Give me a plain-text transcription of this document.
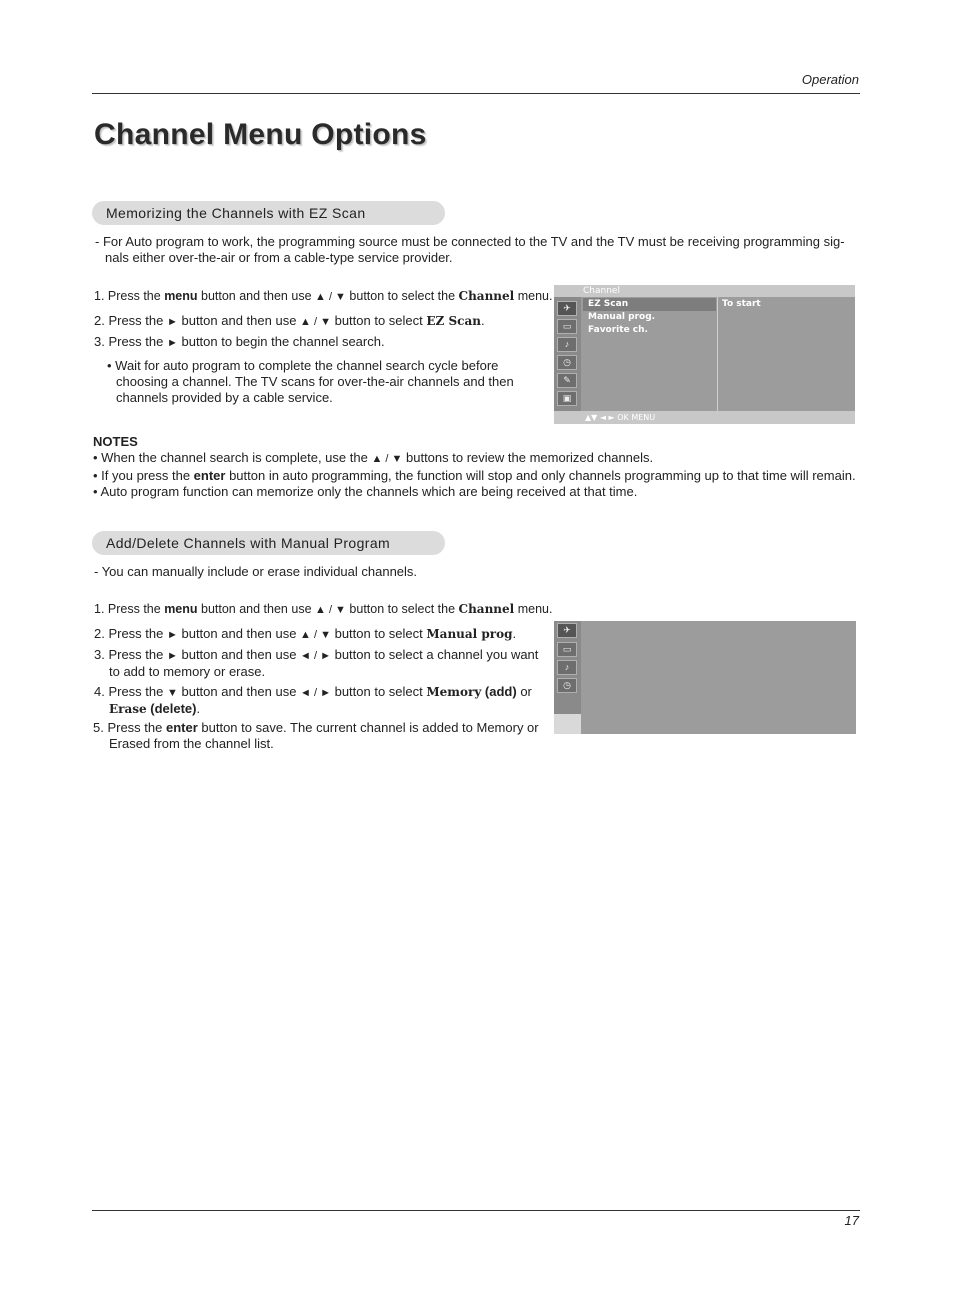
Operation
Channel Menu Options
Memorizing the Channels with EZ Scan
- For Auto program to work, the programming source must be connected to the TV and the TV must be receiving programming sig-
nals either over-the-air or from a cable-type service provider.
1. Press the menu button and then use ▲ / ▼ button to select the Channel menu.
2. Press the ► button and then use ▲ / ▼ button to select EZ Scan.
3. Press the ► button to begin the channel search.
• Wait for auto program to complete the channel search cycle before
choosing a channel. The TV scans for over-the-air channels and then
channels provided by a cable service.
Channel
✈
▭
♪
◷
✎
▣
EZ Scan
Manual prog.
Favorite ch.
To start
▲▼ ◄ ► OK MENU
NOTES
• When the channel search is complete, use the ▲ / ▼ buttons to review the memorized channels.
• If you press the enter button in auto programming, the function will stop and only channels programming up to that time will remain.
• Auto program function can memorize only the channels which are being received at that time.
Add/Delete Channels with Manual Program
- You can manually include or erase individual channels.
1. Press the menu button and then use ▲ / ▼ button to select the Channel menu.
2. Press the ► button and then use ▲ / ▼ button to select Manual prog.
3. Press the ► button and then use ◄ / ► button to select a channel you want
to add to memory or erase.
4. Press the ▼ button and then use ◄ / ► button to select Memory (add) or
Erase (delete).
5. Press the enter button to save. The current channel is added to Memory or
Erased from the channel list.
✈
▭
♪
◷
17
